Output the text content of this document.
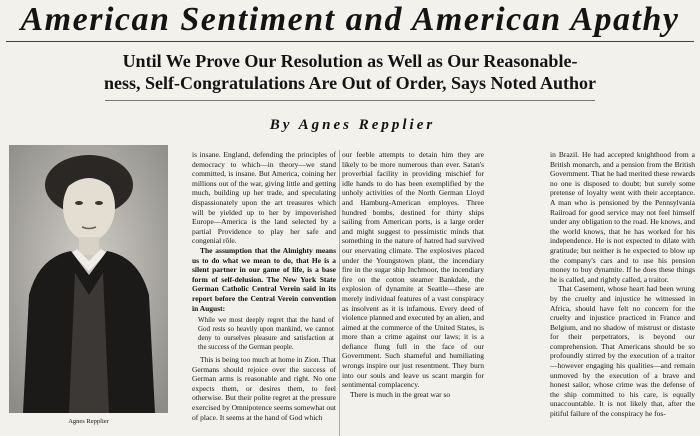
American Sentiment and American Apathy
Until We Prove Our Resolution as Well as Our Reasonable-
ness, Self-Congratulations Are Out of Order, Says Noted Author
By Agnes Repplier
Agnes Repplier

is insane. England, defending the principles of democracy to which—in theory—we stand committed, is insane. But America, coining her millions out of the war, giving little and getting much, building up her trade, and speculating dispassionately upon the art treasures which will be yielded up to her by impoverished Europe—America is the land selected by a partial Providence to play her safe and congenial rôle.

The assumption that the Almighty means us to do what we mean to do, that He is a silent partner in our game of life, is a base form of self-delusion. The New York State German Catholic Central Verein said in its report before the Central Verein convention in August:

While we most deeply regret that the hand of God rests so heavily upon mankind, we cannot deny to ourselves pleasure and satisfaction at the success of the German people.

This is being too much at home in Zion. That Germans should rejoice over the success of German arms is reasonable and right. No one expects them, or desires them, to feel otherwise. But their polite regret at the pressure exercised by Omnipotence seems somewhat out of place. It seems at the hand of God which

our feeble attempts to detain him they are likely to be more numerous than ever. Satan's proverbial facility in providing mischief for idle hands to do has been exemplified by the unholy activities of the North German Lloyd and Hamburg-American employes. Three hundred bombs, destined for thirty ships sailing from American ports, is a large order and might suggest to pessimistic minds that something in the nature of hatred had survived our enervating climate. The explosives placed under the Youngstown plant, the incendiary fire in the sugar ship Inchmoor, the incendiary fire on the cotton steamer Bankdale, the explosion of dynamite at Seattle—these are merely individual features of a vast conspiracy as insolvent as it is infamous. Every deed of violence planned and executed by an alien, and aimed at the commerce of the United States, is more than a crime against our laws; it is a defiance flung full in the face of our Government. Such shameful and humiliating wrongs inspire our just resentment. They burn into our souls and leave us scant margin for sentimental complacency.

There is much in the great war so

in Brazil. He had accepted knighthood from a British monarch, and a pension from the British Government. That he had merited these rewards no one is disposed to doubt; but surely some pretense of loyalty went with their acceptance. A man who is pensioned by the Pennsylvania Railroad for good service may not feel himself under any obligation to the road. He knows, and the world knows, that he has worked for his independence. He is not expected to dilate with gratitude; but neither is he expected to blow up the company's cars and to use his pension money to buy dynamite. If he does these things he is called, and rightly called, a traitor.

That Casement, whose heart had been wrung by the cruelty and injustice he witnessed in Africa, should have felt no concern for the cruelty and injustice practiced in France and Belgium, and no shadow of mistrust or distaste for their perpetrators, is beyond our comprehension. That Americans should be so profoundly stirred by the execution of a traitor—however engaging his qualities—and remain unmoved by the execution of a brave and honest sailor, whose crime was the defense of the ship committed to his care, is equally unaccountable. It is not likely that, after the pitiful failure of the conspiracy he fos-
